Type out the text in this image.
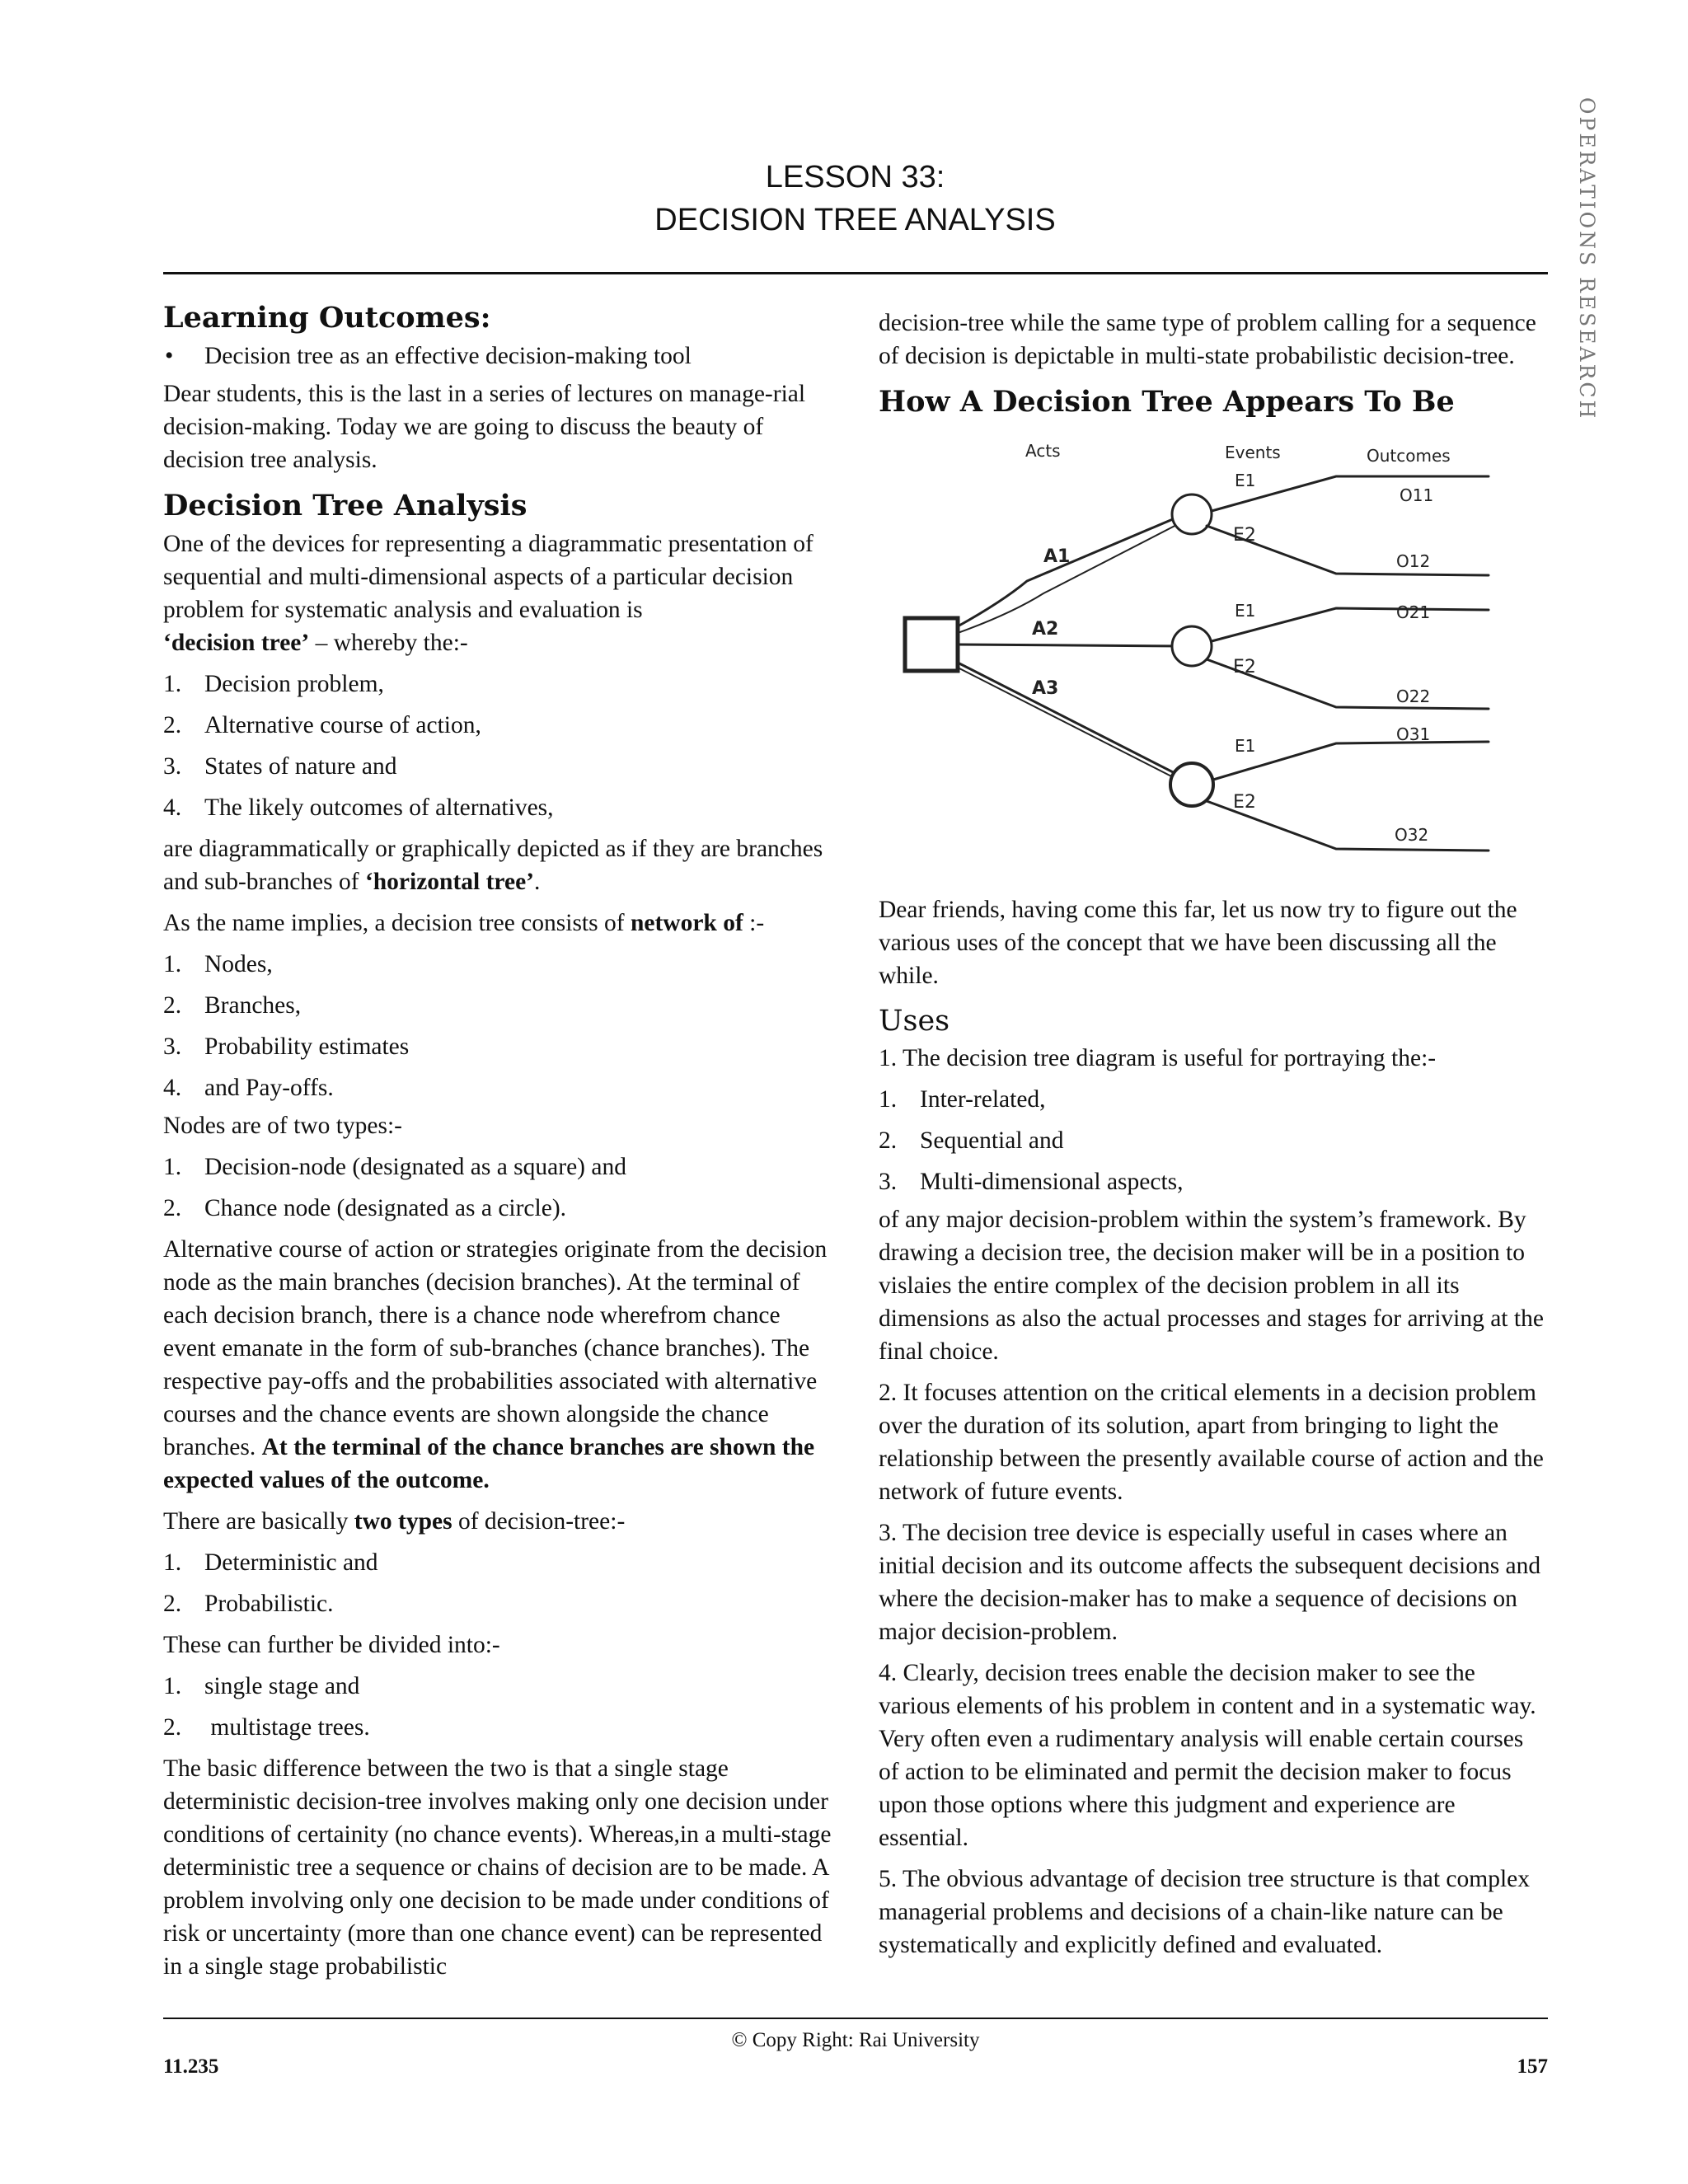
OPERATIONS RESEARCH
LESSON 33:
DECISION TREE ANALYSIS
Learning Outcomes:
• Decision tree as an effective decision-making tool

Dear students, this is the last in a series of lectures on manage-rial decision-making. Today we are going to discuss the beauty of decision tree analysis.

Decision Tree Analysis

One of the devices for representing a diagrammatic presentation of sequential and multi-dimensional aspects of a particular decision problem for systematic analysis and evaluation is
‘decision tree’ – whereby the:-

1. Decision problem,
2. Alternative course of action,
3. States of nature and
4. The likely outcomes of alternatives,

are diagrammatically or graphically depicted as if they are branches and sub-branches of ‘horizontal tree’.

As the name implies, a decision tree consists of network of :-

1. Nodes,
2. Branches,
3. Probability estimates
4. and Pay-offs.

Nodes are of two types:-

1. Decision-node (designated as a square) and
2. Chance node (designated as a circle).

Alternative course of action or strategies originate from the decision node as the main branches (decision branches). At the terminal of each decision branch, there is a chance node wherefrom chance event emanate in the form of sub-branches (chance branches). The respective pay-offs and the probabilities associated with alternative courses and the chance events are shown alongside the chance branches. At the terminal of the chance branches are shown the expected values of the outcome.

There are basically two types of decision-tree:-

1. Deterministic and
2. Probabilistic.

These can further be divided into:-

1. single stage and
2. multistage trees.

The basic difference between the two is that a single stage deterministic decision-tree involves making only one decision under conditions of certainity (no chance events). Whereas,in a multi-stage deterministic tree a sequence or chains of decision are to be made. A problem involving only one decision to be made under conditions of risk or uncertainty (more than one chance event) can be represented in a single stage probabilistic

decision-tree while the same type of problem calling for a sequence of decision is depictable in multi-state probabilistic decision-tree.

How A Decision Tree Appears To Be
Acts	Events	Outcomes
A1
A2
A3
E1
E2
E1
E2
E1
E2
O11
O12
O21
O22
O31
O32

Dear friends, having come this far, let us now try to figure out the various uses of the concept that we have been discussing all the while.

Uses

1. The decision tree diagram is useful for portraying the:-

1. Inter-related,
2. Sequential and
3. Multi-dimensional aspects,

of any major decision-problem within the system’s framework. By drawing a decision tree, the decision maker will be in a position to vislaies the entire complex of the decision problem in all its dimensions as also the actual processes and stages for arriving at the final choice.

2. It focuses attention on the critical elements in a decision problem over the duration of its solution, apart from bringing to light the relationship between the presently available course of action and the network of future events.

3. The decision tree device is especially useful in cases where an initial decision and its outcome affects the subsequent decisions and where the decision-maker has to make a sequence of decisions on major decision-problem.

4. Clearly, decision trees enable the decision maker to see the various elements of his problem in content and in a systematic way. Very often even a rudimentary analysis will enable certain courses of action to be eliminated and permit the decision maker to focus upon those options where this judgment and experience are essential.

5. The obvious advantage of decision tree structure is that complex managerial problems and decisions of a chain-like nature can be systematically and explicitly defined and evaluated.

© Copy Right: Rai University
11.235	157
